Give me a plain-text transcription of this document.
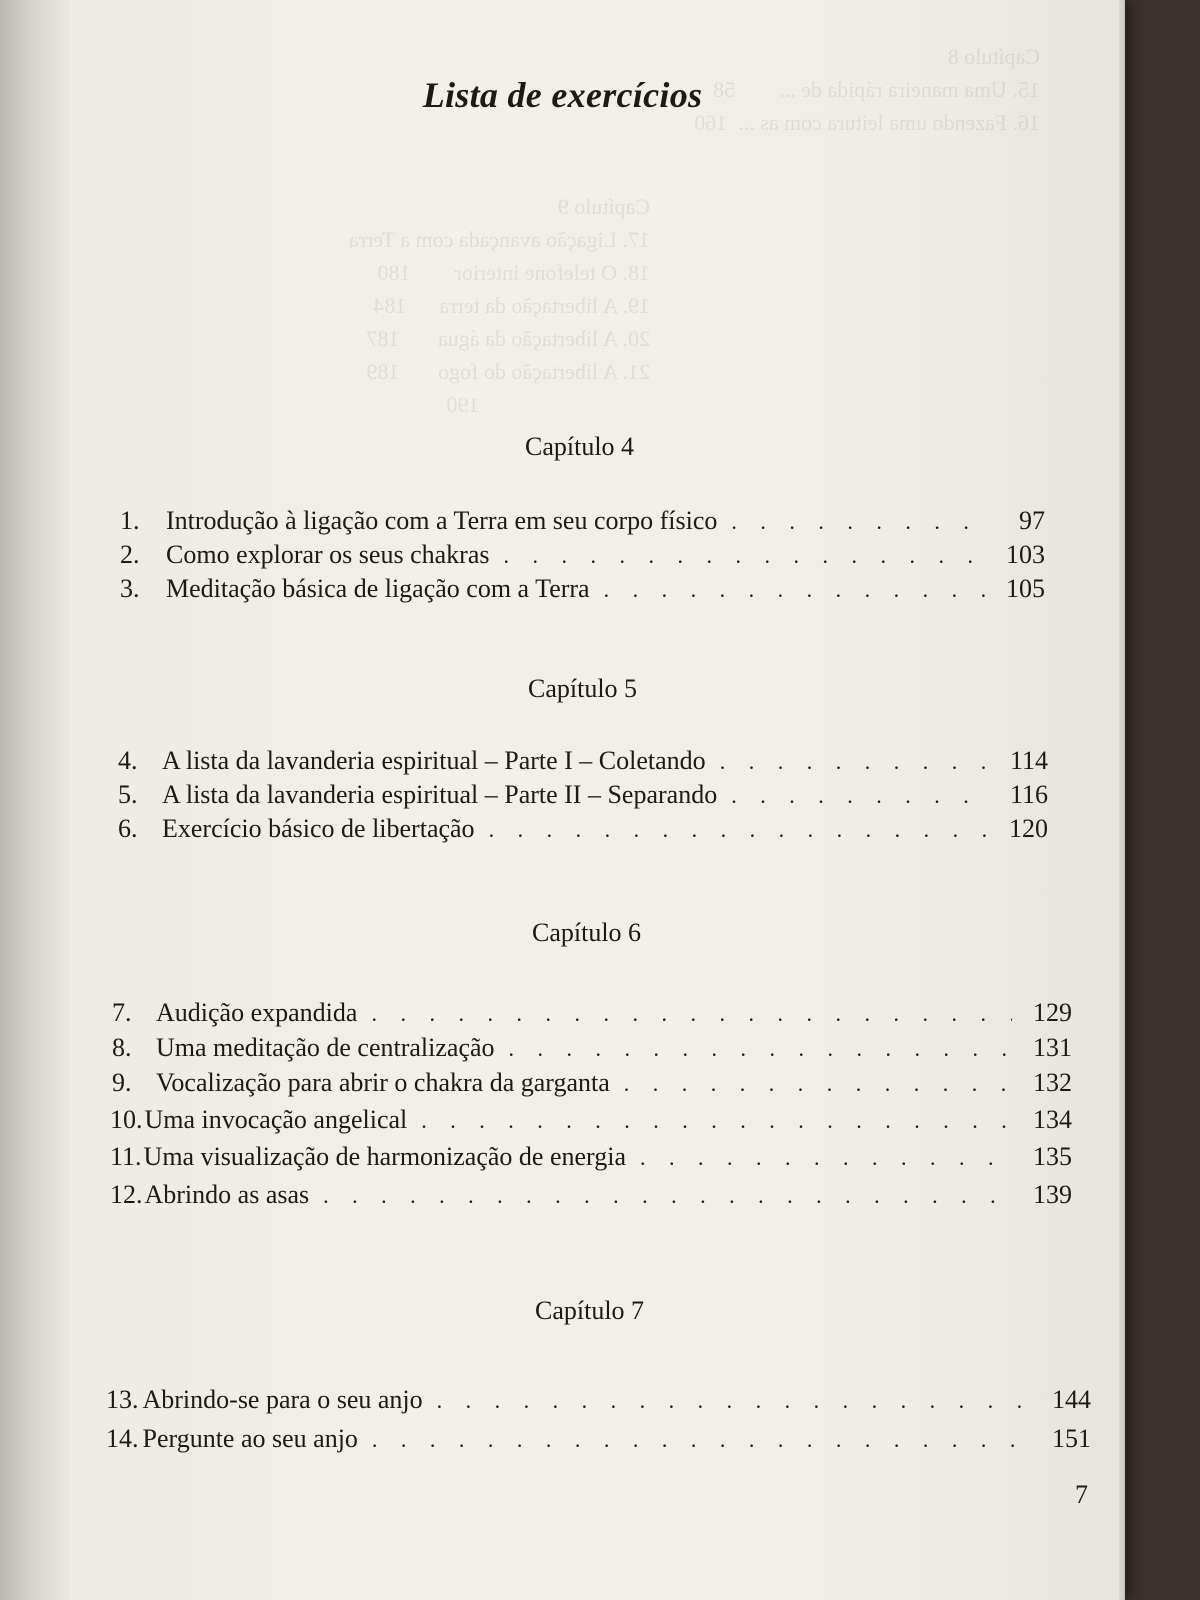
Capítulo 8
15. Uma maneira rápida de ...        58
16. Fazendo uma leitura com as ...  160
Capítulo 9
17. Ligação avançada com a Terra
18. O telefone interior        180
19. A libertação da terra      184
20. A libertação da água       187
21. A libertação do fogo       189
190
Lista de exercícios
Capítulo 4
1.	Introdução à ligação com a Terra em seu corpo físico . . .	97
2.	Como explorar os seus chakras . . .	103
3.	Meditação básica de ligação com a Terra . . .	105
Capítulo 5
4. A lista da lavanderia espiritual – Parte I – Coletando . . .	114
5. A lista da lavanderia espiritual – Parte II – Separando . . .	116
6. Exercício básico de libertação . . .	120
Capítulo 6
7. Audição expandida . . .	129
8. Uma meditação de centralização . . .	131
9. Vocalização para abrir o chakra da garganta . . .	132
10. Uma invocação angelical . . .	134
11. Uma visualização de harmonização de energia . . .	135
12. Abrindo as asas . . .	139
Capítulo 7
13. Abrindo-se para o seu anjo . . .	144
14. Pergunte ao seu anjo . . .	151
7
